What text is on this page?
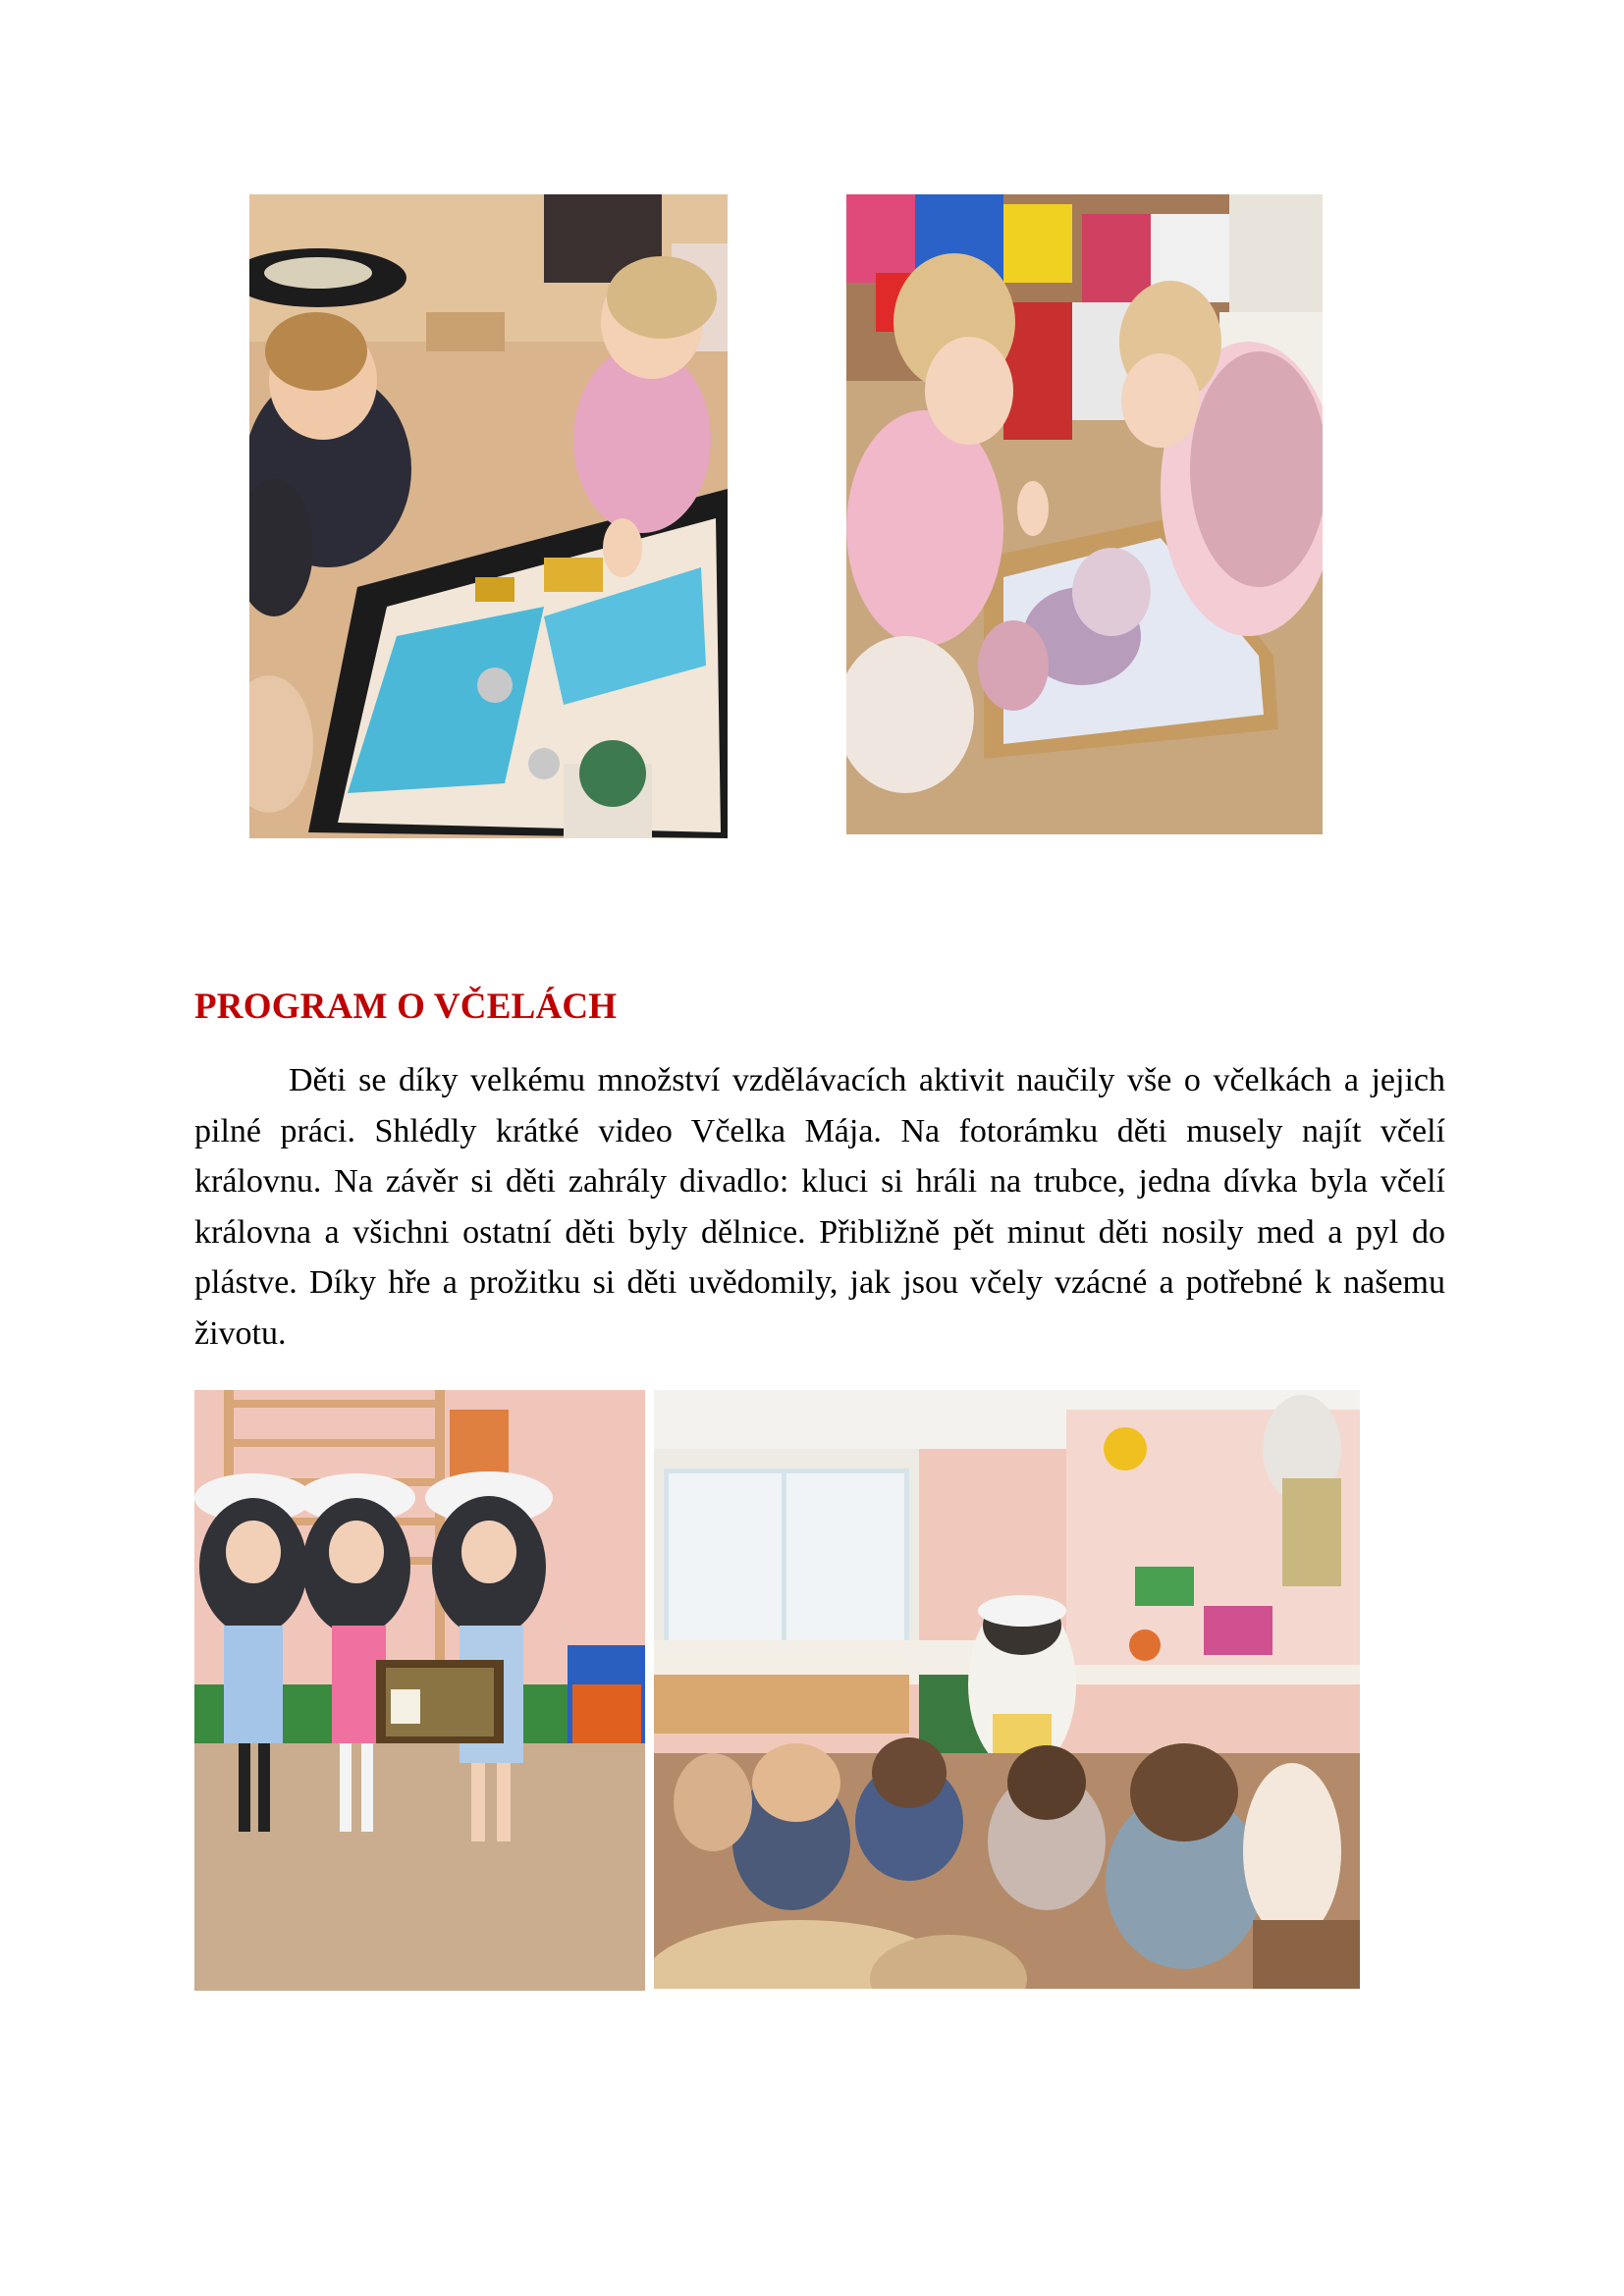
PROGRAM O VČELÁCH

Děti se díky velkému množství vzdělávacích aktivit naučily vše o včelkách a jejich pilné práci. Shlédly krátké video Včelka Mája. Na fotorámku děti musely najít včelí královnu. Na závěr si děti zahrály divadlo: kluci si hráli na trubce, jedna dívka byla včelí královna a všichni ostatní děti byly dělnice. Přibližně pět minut děti nosily med a pyl do plástve. Díky hře a prožitku si děti uvědomily, jak jsou včely vzácné a potřebné k našemu životu.
